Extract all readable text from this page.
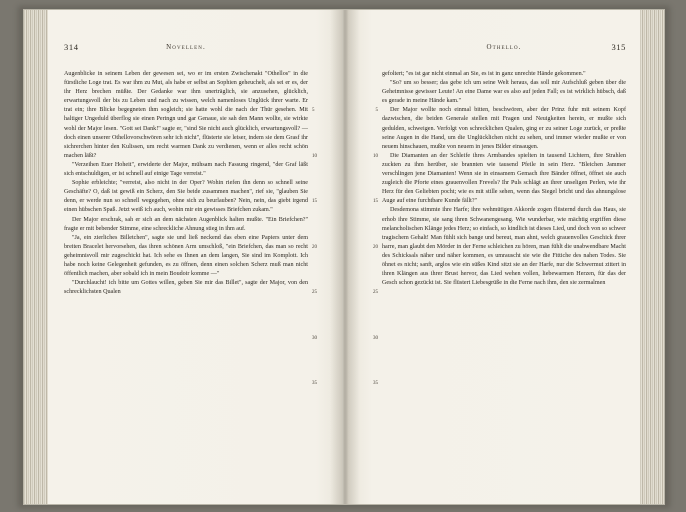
314	Novellen.
5
10
15
20
25
30
35

Augenblicke in seinem Leben der gewesen sei, wo er im ersten Zwischenakt "Othellos" in die fürstliche Loge trat. Es war ihm zu Mut, als habe er selbst an Sophien geheuchelt, als sei er es, der ihr Herz brechen müßte. Der Gedanke war ihm unerträglich, sie anzusehen, glücklich, erwartungsvoll der bis zu Leben und nach zu wissen, welch namenloses Unglück ihrer warte. Er trat ein; ihre Blicke begegneten ihm sogleich; sie hatte wohl die nach der Thür gesehen. Mit haltiger Ungeduld überflog sie einen Peringn und gar Genaue, sie sah den Mann wollte, sie wirkte wohl der Major lesen. "Gott sei Dank!" sagte er, "sind Sie nicht auch glücklich, erwartungsvoll? — doch einen unserer Othellovorschwören sehr ich nicht", flüsterte sie leiser, indem sie dem Grasf ihr sichrerchen hinter den Kulissen, um recht warmen Dank zu verdienen, wenn er alles recht schön machen läßt?

"Verzeihen Euer Hoheit", erwiderte der Major, mühsam nach Fassung ringend, "der Graf läßt sich entschuldigen, er ist schnell auf einige Tage verreist."

Sophie erbleichte; "verreist, also nicht in der Oper? Wohin riefen ihn denn so schnell seine Geschäfte? O, daß ist gewiß ein Scherz, den Sie beide zusammen machen", rief sie, "glauben Sie denn, er werde nun so schnell wegegehen, ohne sich zu beurlauben? Nein, nein, das giebt irgend einen hübschen Spaß. Jetzt weiß ich auch, wohin mir ein gewisses Briefchen zukam."

Der Major erschrak, sah er sich an dem nächsten Augenblick halten mußte. "Ein Briefchen?" fragte er mit bebender Stimme, eine schreckliche Ahnung stieg in ihm auf.

"Ja, ein zierliches Billetchen", sagte sie und ließ neckend das eben eine Papiers unter dem breiten Bracelet hervorsehen, das ihren schönen Arm umschloß, "ein Briefchen, das man so recht geheimnisvoll mir zugeschickt hat. Ich sehe es Ihnen an dem langen, Sie sind im Komplott. Ich habe noch keine Gelegenheit gefunden, es zu öffnen, denn einen solchen Scherz muß man nicht öffentlich machen, aber sobald ich in mein Boudoir komme —"

"Durchlaucht! ich bitte um Gottes willen, geben Sie mir das Billet", sagte der Major, von den schrecklichsten Qualen

315
Othello.
5
10
15
20
25
30
35

gefoltert; "es ist gar nicht einmal an Sie, es ist in ganz unrechte Hände gekommen."

"So? um so besser; das gebe ich um seine Welt heraus, das soll mir Aufschluß geben über die Geheimnisse gewisser Leute! An eine Dame war es also auf jeden Fall; es ist wirklich hübsch, daß es gerade in meine Hände kam."

Der Major wollte noch einmal bitten, beschwören, aber der Prinz fuhr mit seinem Kopf dazwischen, die beiden Generale stellen mit Fragen und Neuigkeiten herein, er mußte sich gedulden, schweigen. Verfolgt von schrecklichen Qualen, ging er zu seiner Loge zurück, er preßte seine Augen in die Hand, um die Unglücklichen nicht zu sehen, und immer wieder mußte er von neuem hinschauen, mußte von neuem in jenes Bilder einsaugen.

Die Diamanten an der Schleife ihres Armbandes spielten in tausend Lichtern, ihre Strahlen zuckten zu ihm herüber, sie brannten wie tausend Pfeile in sein Herz. "Bleichen Jammer verschlingen jene Diamanten! Wenn sie in einsamem Gemach ihre Bänder öffnet, öffnet sie auch zugleich die Pforte eines grauenvollen Frevels? Ihr Puls schlägt an ihrer unseligen Perlen, wie ihr Herz für den Geliebten pocht; wie es mit stille sehen, wenn das Siegel bricht und das ahnungslose Auge auf eine furchtbare Kunde fällt?"

Desdemona stimmte ihre Harfe; ihre wehmütigen Akkorde zogen flüsternd durch das Haus, sie erhob ihre Stimme, sie sang ihren Schwanengesang. Wie wunderbar, wie mächtig ergriffen diese melancholischen Klänge jedes Herz; so einfach, so kindlich ist dieses Lied, und doch von so schwer tragischem Gehalt! Man fühlt sich bange und bereut, man ahnt, welch grauenvolles Geschick ihrer harre, man glaubt den Mörder in der Ferne schleichen zu hören, man fühlt die unabwendbare Macht des Schicksals näher und näher kommen, es umrauscht sie wie die Fittiche des nahen Todes. Sie öhnet es nicht; sanft, arglos wie ein süßes Kind sitzt sie an der Harfe, nur die Schwermut zittert in ihren Klängen aus ihrer Brust hervor, das Lied wehen vollen, liebewarmen Herzen, für das der Gesch schon gezückt ist. Sie flüstert Liebesgrüße in die Ferne nach ihm, den sie zermalmen
